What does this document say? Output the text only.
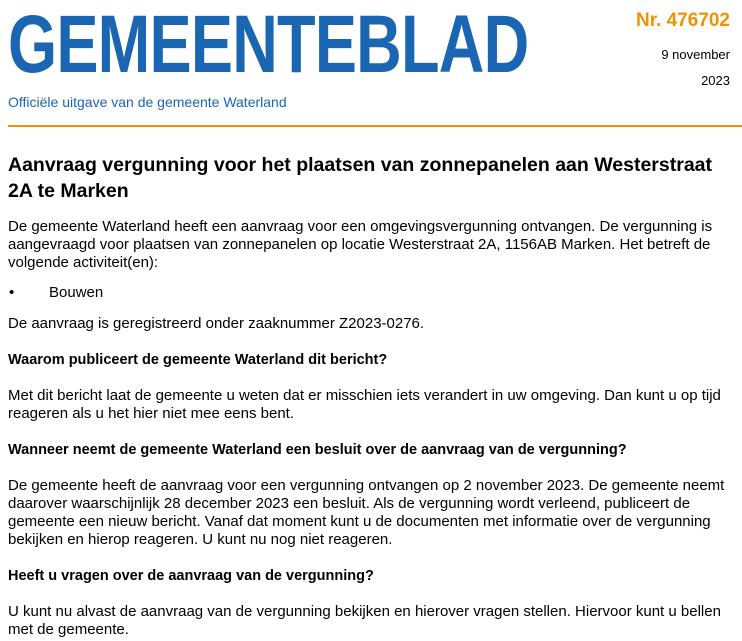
GEMEENTEBLAD
Officiële uitgave van de gemeente Waterland
Nr. 476702
9 november
2023
Aanvraag vergunning voor het plaatsen van zonnepanelen aan Westerstraat 2A te Marken

De gemeente Waterland heeft een aanvraag voor een omgevingsvergunning ontvangen. De vergunning is aangevraagd voor plaatsen van zonnepanelen op locatie Westerstraat 2A, 1156AB Marken. Het betreft de volgende activiteit(en):

•	Bouwen

De aanvraag is geregistreerd onder zaaknummer Z2023-0276.

Waarom publiceert de gemeente Waterland dit bericht?

Met dit bericht laat de gemeente u weten dat er misschien iets verandert in uw omgeving. Dan kunt u op tijd reageren als u het hier niet mee eens bent.

Wanneer neemt de gemeente Waterland een besluit over de aanvraag van de vergunning?

De gemeente heeft de aanvraag voor een vergunning ontvangen op 2 november 2023. De gemeente neemt daarover waarschijnlijk 28 december 2023 een besluit. Als de vergunning wordt verleend, publiceert de gemeente een nieuw bericht. Vanaf dat moment kunt u de documenten met informatie over de vergunning bekijken en hierop reageren. U kunt nu nog niet reageren.

Heeft u vragen over de aanvraag van de vergunning?

U kunt nu alvast de aanvraag van de vergunning bekijken en hierover vragen stellen. Hiervoor kunt u bellen met de gemeente.
